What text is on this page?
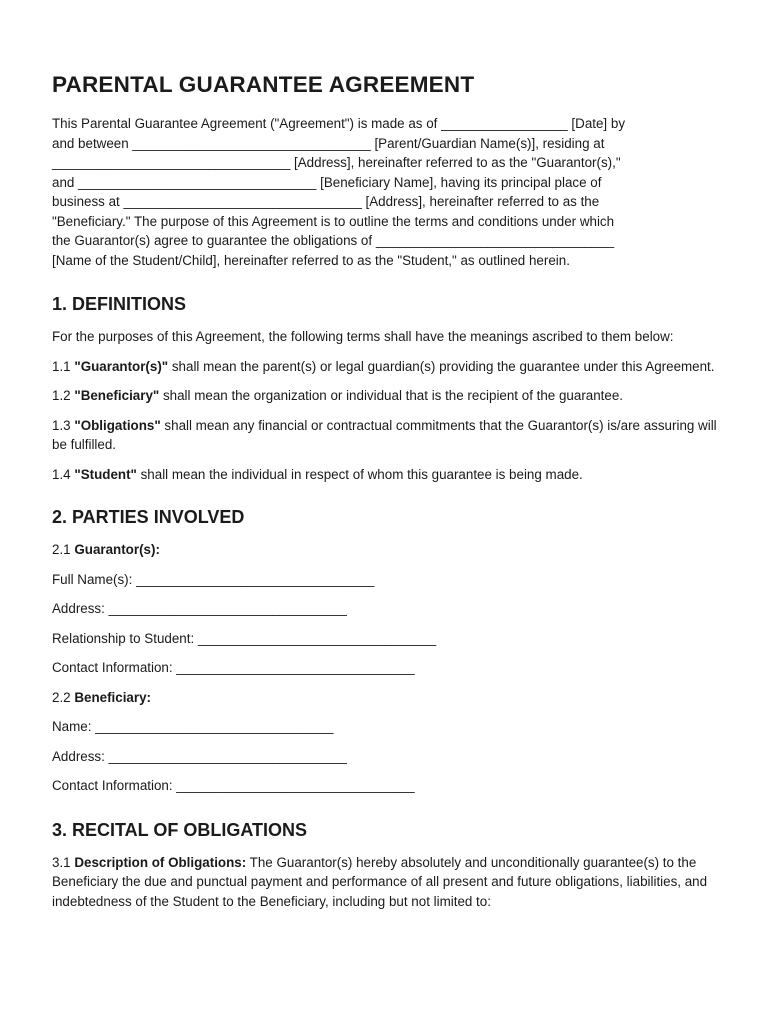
PARENTAL GUARANTEE AGREEMENT
This Parental Guarantee Agreement ("Agreement") is made as of _________________ [Date] by
and between ________________________________ [Parent/Guardian Name(s)], residing at
________________________________ [Address], hereinafter referred to as the "Guarantor(s),"
and ________________________________ [Beneficiary Name], having its principal place of
business at ________________________________ [Address], hereinafter referred to as the
"Beneficiary." The purpose of this Agreement is to outline the terms and conditions under which
the Guarantor(s) agree to guarantee the obligations of ________________________________
[Name of the Student/Child], hereinafter referred to as the "Student," as outlined herein.
1. DEFINITIONS

For the purposes of this Agreement, the following terms shall have the meanings ascribed to them below:

1.1 "Guarantor(s)" shall mean the parent(s) or legal guardian(s) providing the guarantee under this Agreement.

1.2 "Beneficiary" shall mean the organization or individual that is the recipient of the guarantee.

1.3 "Obligations" shall mean any financial or contractual commitments that the Guarantor(s) is/are assuring will be fulfilled.

1.4 "Student" shall mean the individual in respect of whom this guarantee is being made.

2. PARTIES INVOLVED

2.1 Guarantor(s):

Full Name(s): ________________________________
Address: ________________________________
Relationship to Student: ________________________________
Contact Information: ________________________________

2.2 Beneficiary:

Name: ________________________________
Address: ________________________________
Contact Information: ________________________________
3. RECITAL OF OBLIGATIONS

3.1 Description of Obligations: The Guarantor(s) hereby absolutely and unconditionally guarantee(s) to the Beneficiary the due and punctual payment and performance of all present and future obligations, liabilities, and indebtedness of the Student to the Beneficiary, including but not limited to:
